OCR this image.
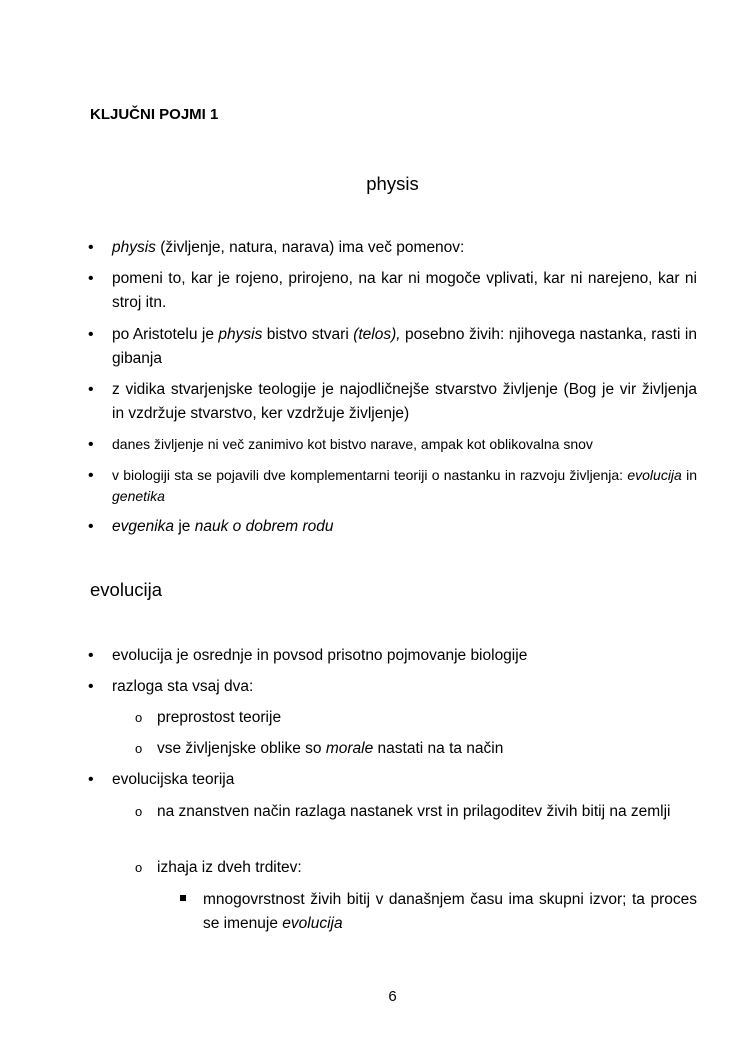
KLJUČNI POJMI 1
physis
• physis (življenje, natura, narava) ima več pomenov:
• pomeni to, kar je rojeno, prirojeno, na kar ni mogoče vplivati, kar ni narejeno, kar ni stroj itn.
• po Aristotelu je physis bistvo stvari (telos), posebno živih: njihovega nastanka, rasti in gibanja
• z vidika stvarjenjske teologije je najodličnejše stvarstvo življenje (Bog je vir življenja in vzdržuje stvarstvo, ker vzdržuje življenje)
• danes življenje ni več zanimivo kot bistvo narave, ampak kot oblikovalna snov
• v biologiji sta se pojavili dve komplementarni teoriji o nastanku in razvoju življenja: evolucija in genetika
• evgenika je nauk o dobrem rodu
evolucija
• evolucija je osrednje in povsod prisotno pojmovanje biologije
• razloga sta vsaj dva:
o preprostost teorije
o vse življenjske oblike so morale nastati na ta način
• evolucijska teorija
o na znanstven način razlaga nastanek vrst in prilagoditev živih bitij na zemlji
o izhaja iz dveh trditev:
mnogovrstnost živih bitij v današnjem času ima skupni izvor; ta proces se imenuje evolucija
6
